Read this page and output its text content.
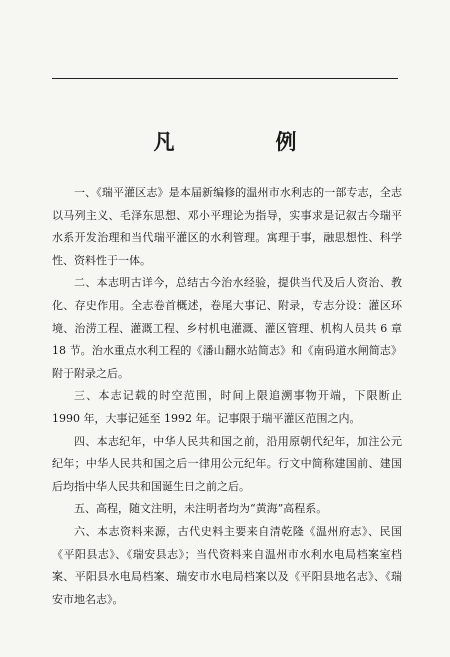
凡　例

一、《瑞平灌区志》是本届新编修的温州市水利志的一部专志，全志以马列主义、毛泽东思想、邓小平理论为指导，实事求是记叙古今瑞平水系开发治理和当代瑞平灌区的水利管理。寓理于事，融思想性、科学性、资料性于一体。

二、本志明古详今，总结古今治水经验，提供当代及后人资治、教化、存史作用。全志卷首概述，卷尾大事记、附录，专志分设：灌区环境、治涝工程、灌溉工程、乡村机电灌溉、灌区管理、机构人员共 6 章 18 节。治水重点水利工程的《潘山翻水站简志》和《南码道水闸简志》附于附录之后。

三、本志记载的时空范围，时间上限追溯事物开端，下限断止 1990 年，大事记延至 1992 年。记事限于瑞平灌区范围之内。

四、本志纪年，中华人民共和国之前，沿用原朝代纪年，加注公元纪年；中华人民共和国之后一律用公元纪年。行文中简称建国前、建国后均指中华人民共和国诞生日之前之后。

五、高程，随文注明，未注明者均为“黄海”高程系。

六、本志资料来源，古代史料主要来自清乾隆《温州府志》、民国《平阳县志》、《瑞安县志》；当代资料来自温州市水利水电局档案室档案、平阳县水电局档案、瑞安市水电局档案以及《平阳县地名志》、《瑞安市地名志》。
